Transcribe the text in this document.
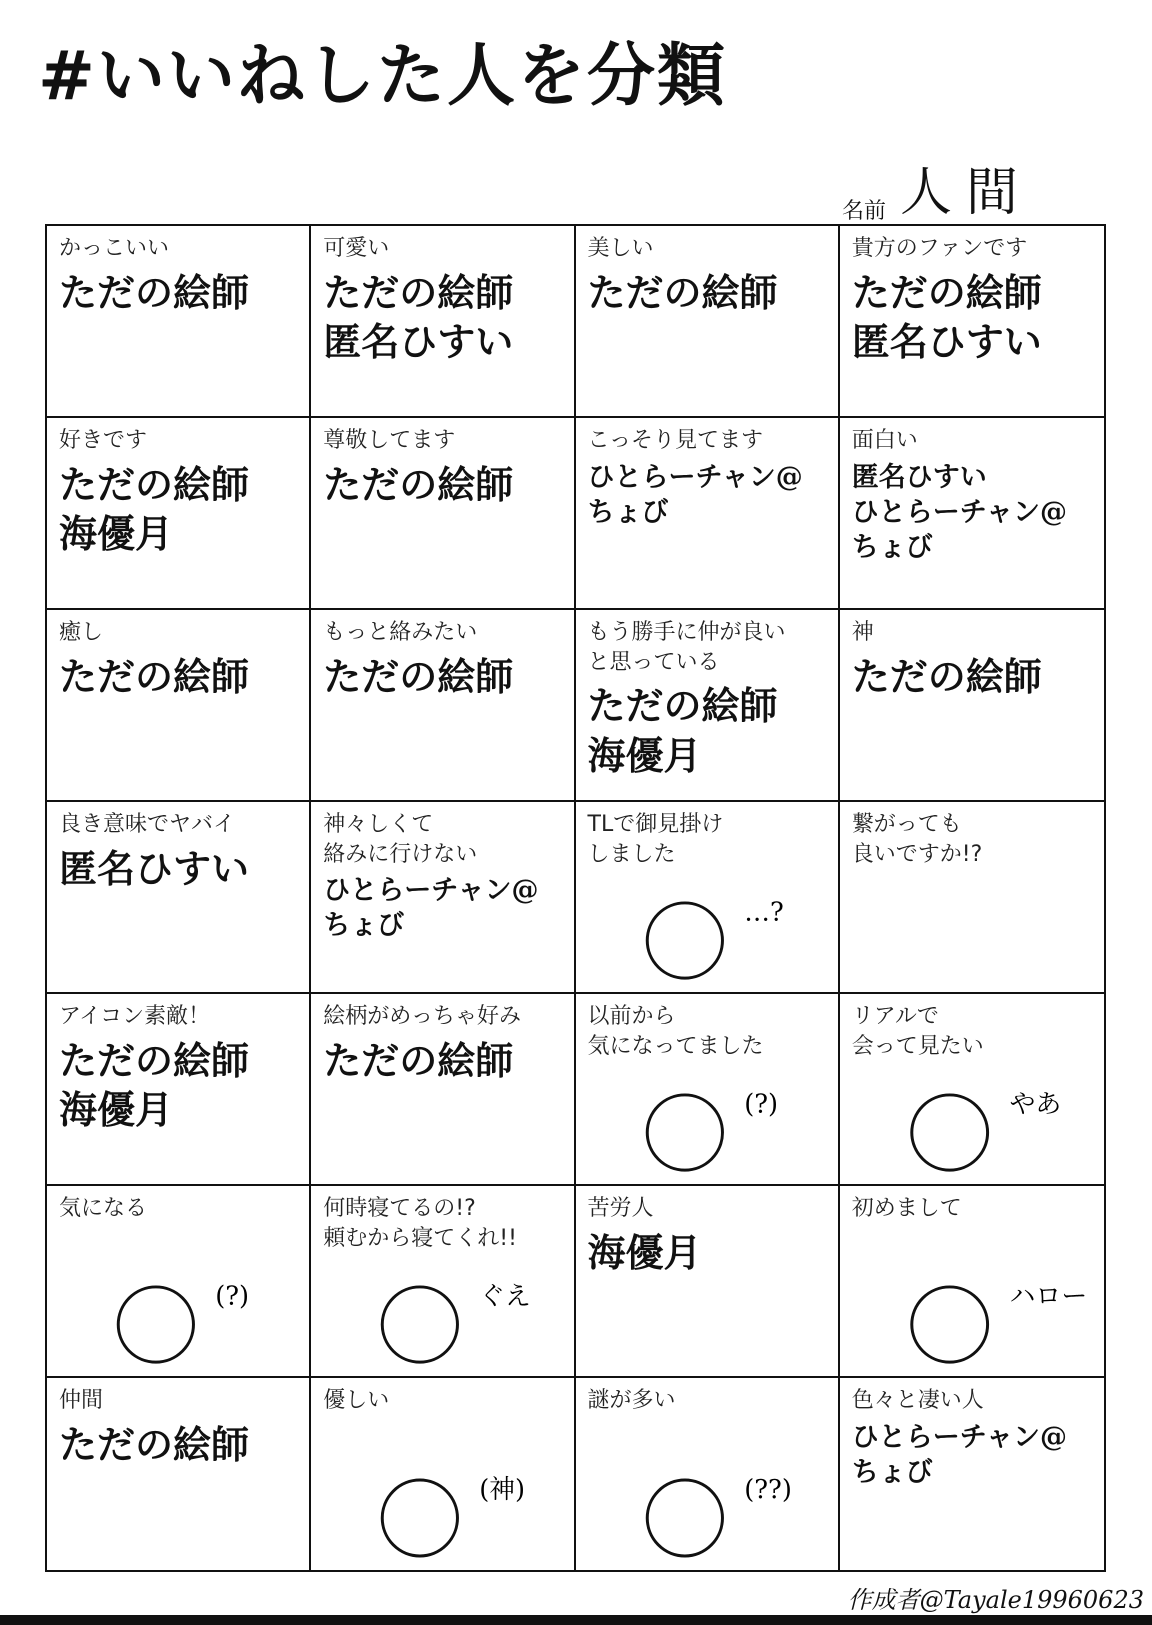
#いいねした人を分類
名前 人間
かっこいい
ただの絵師
可愛い
ただの絵師
匿名ひすい
美しい
ただの絵師
貴方のファンです
ただの絵師
匿名ひすい
好きです
ただの絵師
海優月
尊敬してます
ただの絵師
こっそり見てます
ひとらーチャン@ちょび
面白い
匿名ひすい
ひとらーチャン@ちょび
癒し
ただの絵師
もっと絡みたい
ただの絵師
もう勝手に仲が良い
と思っている
ただの絵師
海優月
神
ただの絵師
良き意味でヤバイ
匿名ひすい
神々しくて
絡みに行けない
ひとらーチャン@ちょび
TLで御見掛け
しました
…?
繋がっても
良いですか!?
アイコン素敵！
ただの絵師
海優月
絵柄がめっちゃ好み
ただの絵師
以前から
気になってました
(?)
リアルで
会って見たい
やあ
気になる
(?)
何時寝てるの!?
頼むから寝てくれ!!
ぐえ
苦労人
海優月
初めまして
ハロー
仲間
ただの絵師
優しい
(神)
謎が多い
(??)
色々と凄い人
ひとらーチャン@ちょび
作成者@Tayale19960623
